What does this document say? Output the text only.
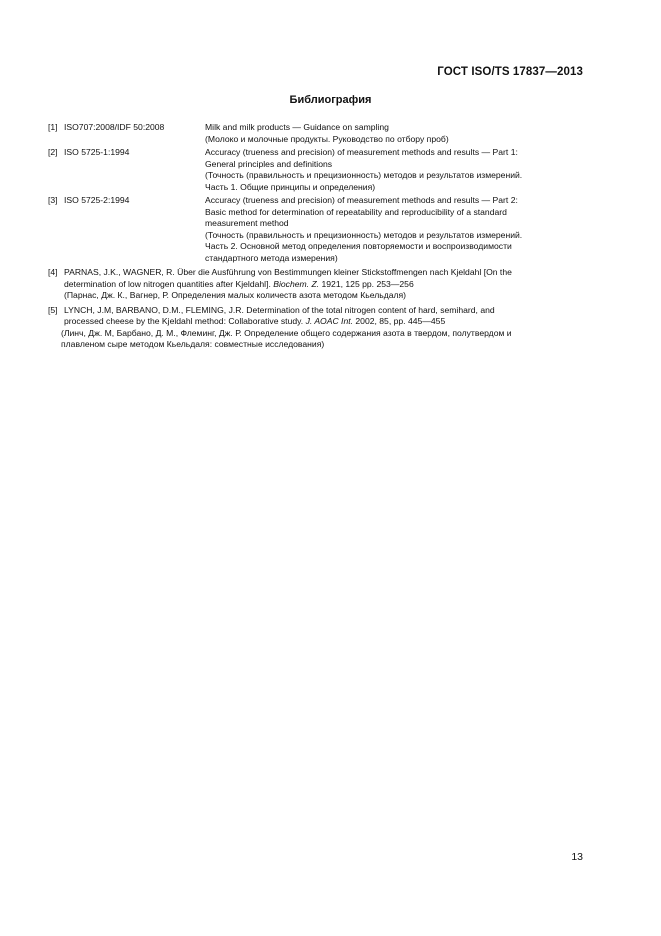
ГОСТ ISO/TS 17837—2013
Библиография
[1] ISO707:2008/IDF 50:2008	Milk and milk products — Guidance on sampling
(Молоко и молочные продукты. Руководство по отбору проб)
[2] ISO 5725-1:1994	Accuracy (trueness and precision) of measurement methods and results — Part 1:
General principles and definitions
(Точность (правильность и прецизионность) методов и результатов измерений.
Часть 1. Общие принципы и определения)
[3] ISO 5725-2:1994	Accuracy (trueness and precision) of measurement methods and results — Part 2:
Basic method for determination of repeatability and reproducibility of a standard
measurement method
(Точность (правильность и прецизионность) методов и результатов измерений.
Часть 2. Основной метод определения повторяемости и воспроизводимости
стандартного метода измерения)
[4] PARNAS, J.K., WAGNER, R. Über die Ausführung von Bestimmungen kleiner Stickstoffmengen nach Kjeldahl [On the
determination of low nitrogen quantities after Kjeldahl]. Biochem. Z. 1921, 125 pp. 253—256
(Парнас, Дж. К., Вагнер, Р. Определения малых количеств азота методом Кьельдаля)
[5] LYNCH, J.M, BARBANO, D.M., FLEMING, J.R. Determination of the total nitrogen content of hard, semihard, and
processed cheese by the Kjeldahl method: Collaborative study. J. AOAC Int. 2002, 85, pp. 445—455
(Линч, Дж. М, Барбано, Д. М., Флеминг, Дж. Р. Определение общего содержания азота в твердом, полутвердом и
плавленом сыре методом Кьельдаля: совместные исследования)
13
